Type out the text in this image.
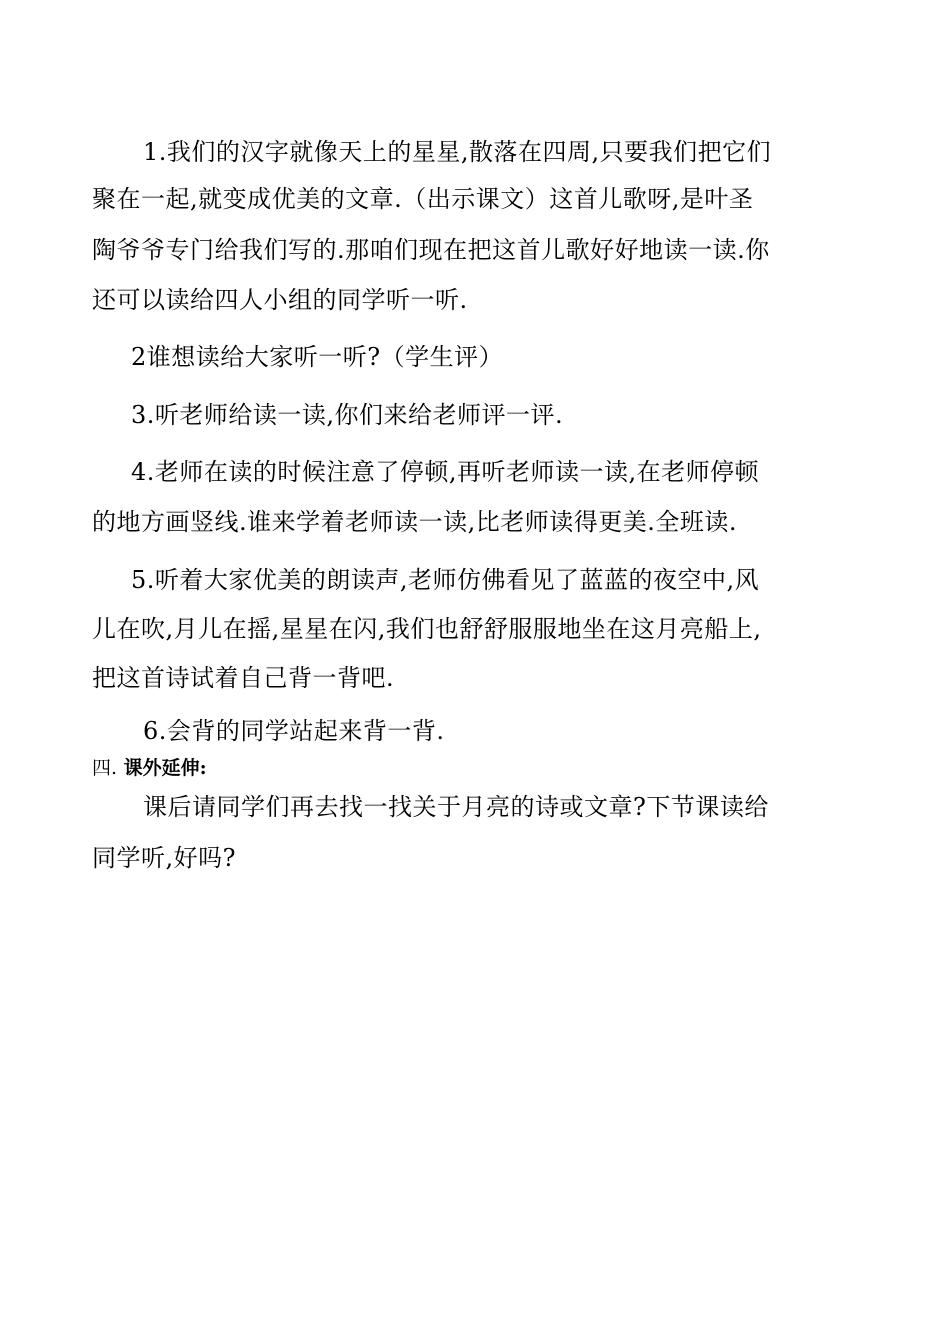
1.我们的汉字就像天上的星星,散落在四周,只要我们把它们
聚在一起,就变成优美的文章.（出示课文）这首儿歌呀,是叶圣
陶爷爷专门给我们写的.那咱们现在把这首儿歌好好地读一读.你
还可以读给四人小组的同学听一听.
2谁想读给大家听一听?（学生评）
3.听老师给读一读,你们来给老师评一评.
4.老师在读的时候注意了停顿,再听老师读一读,在老师停顿
的地方画竖线.谁来学着老师读一读,比老师读得更美.全班读.
5.听着大家优美的朗读声,老师仿佛看见了蓝蓝的夜空中,风
儿在吹,月儿在摇,星星在闪,我们也舒舒服服地坐在这月亮船上,
把这首诗试着自己背一背吧.
6.会背的同学站起来背一背.
四. 课外延伸:
课后请同学们再去找一找关于月亮的诗或文章?下节课读给
同学听,好吗?
